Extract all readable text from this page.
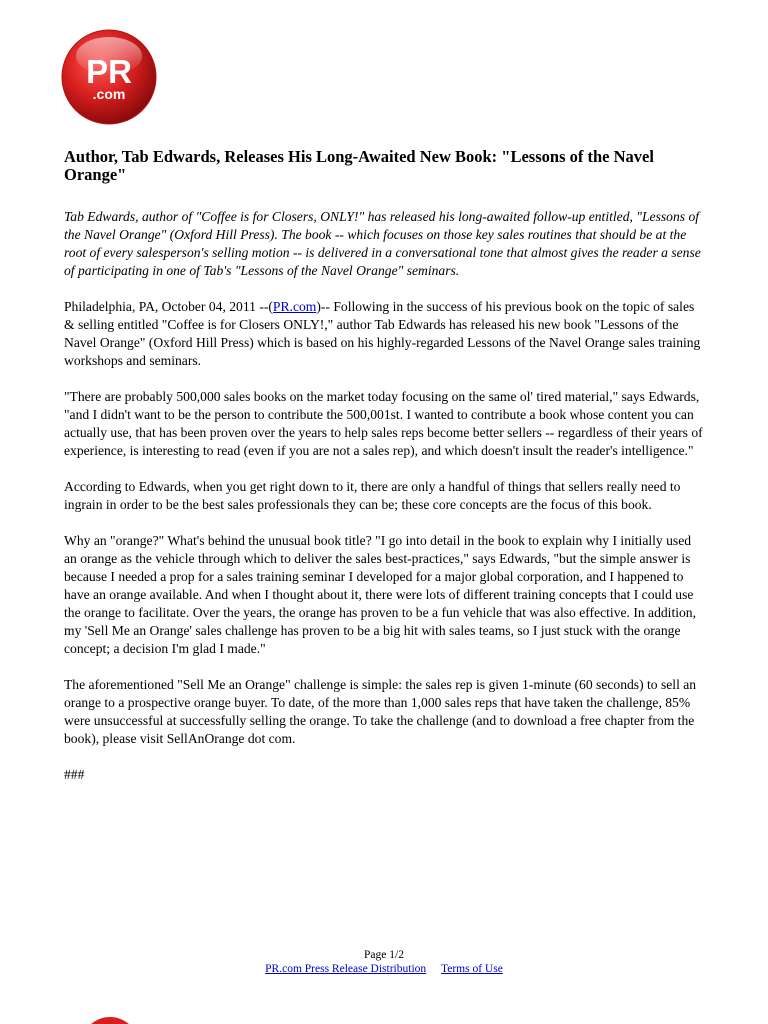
PR
.com
Author, Tab Edwards, Releases His Long-Awaited New Book: "Lessons of the Navel Orange"

Tab Edwards, author of "Coffee is for Closers, ONLY!" has released his long-awaited follow-up entitled, "Lessons of the Navel Orange" (Oxford Hill Press). The book -- which focuses on those key sales routines that should be at the root of every salesperson's selling motion -- is delivered in a conversational tone that almost gives the reader a sense of participating in one of Tab's "Lessons of the Navel Orange" seminars.

Philadelphia, PA, October 04, 2011 --(PR.com)-- Following in the success of his previous book on the topic of sales & selling entitled "Coffee is for Closers ONLY!," author Tab Edwards has released his new book "Lessons of the Navel Orange" (Oxford Hill Press) which is based on his highly-regarded Lessons of the Navel Orange sales training workshops and seminars.

"There are probably 500,000 sales books on the market today focusing on the same ol' tired material," says Edwards, "and I didn't want to be the person to contribute the 500,001st. I wanted to contribute a book whose content you can actually use, that has been proven over the years to help sales reps become better sellers -- regardless of their years of experience, is interesting to read (even if you are not a sales rep), and which doesn't insult the reader's intelligence."

According to Edwards, when you get right down to it, there are only a handful of things that sellers really need to ingrain in order to be the best sales professionals they can be; these core concepts are the focus of this book.

Why an "orange?" What's behind the unusual book title? "I go into detail in the book to explain why I initially used an orange as the vehicle through which to deliver the sales best-practices," says Edwards, "but the simple answer is because I needed a prop for a sales training seminar I developed for a major global corporation, and I happened to have an orange available. And when I thought about it, there were lots of different training concepts that I could use the orange to facilitate. Over the years, the orange has proven to be a fun vehicle that was also effective. In addition, my 'Sell Me an Orange' sales challenge has proven to be a big hit with sales teams, so I just stuck with the orange concept; a decision I'm glad I made."

The aforementioned "Sell Me an Orange" challenge is simple: the sales rep is given 1-minute (60 seconds) to sell an orange to a prospective orange buyer. To date, of the more than 1,000 sales reps that have taken the challenge, 85% were unsuccessful at successfully selling the orange. To take the challenge (and to download a free chapter from the book), please visit SellAnOrange dot com.

###

Page 1/2
PR.com Press Release Distribution Terms of Use
